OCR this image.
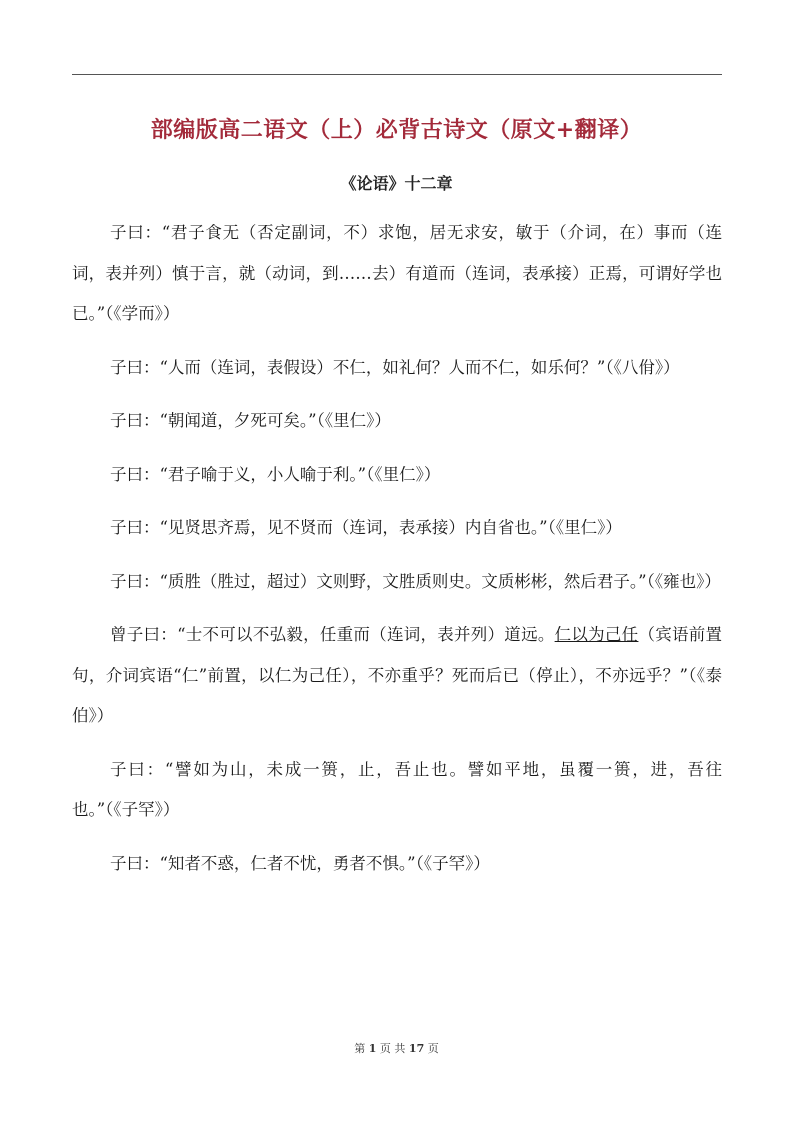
部编版高二语文（上）必背古诗文（原文+翻译）
《论语》十二章

子曰：“君子食无（否定副词，不）求饱，居无求安，敏于（介词，在）事而（连词，表并列）慎于言，就（动词，到……去）有道而（连词，表承接）正焉，可谓好学也已。”（《学而》）

子曰：“人而（连词，表假设）不仁，如礼何？人而不仁，如乐何？”（《八佾》）

子曰：“朝闻道，夕死可矣。”（《里仁》）

子曰：“君子喻于义，小人喻于利。”（《里仁》）

子曰：“见贤思齐焉，见不贤而（连词，表承接）内自省也。”（《里仁》）

子曰：“质胜（胜过，超过）文则野，文胜质则史。文质彬彬，然后君子。”（《雍也》）

曾子曰：“士不可以不弘毅，任重而（连词，表并列）道远。仁以为己任（宾语前置句，介词宾语“仁”前置，以仁为己任），不亦重乎？死而后已（停止），不亦远乎？”（《泰伯》）

子曰：“譬如为山，未成一篑，止，吾止也。譬如平地，虽覆一篑，进，吾往也。”（《子罕》）

子曰：“知者不惑，仁者不忧，勇者不惧。”（《子罕》）

第 1 页 共 17 页
